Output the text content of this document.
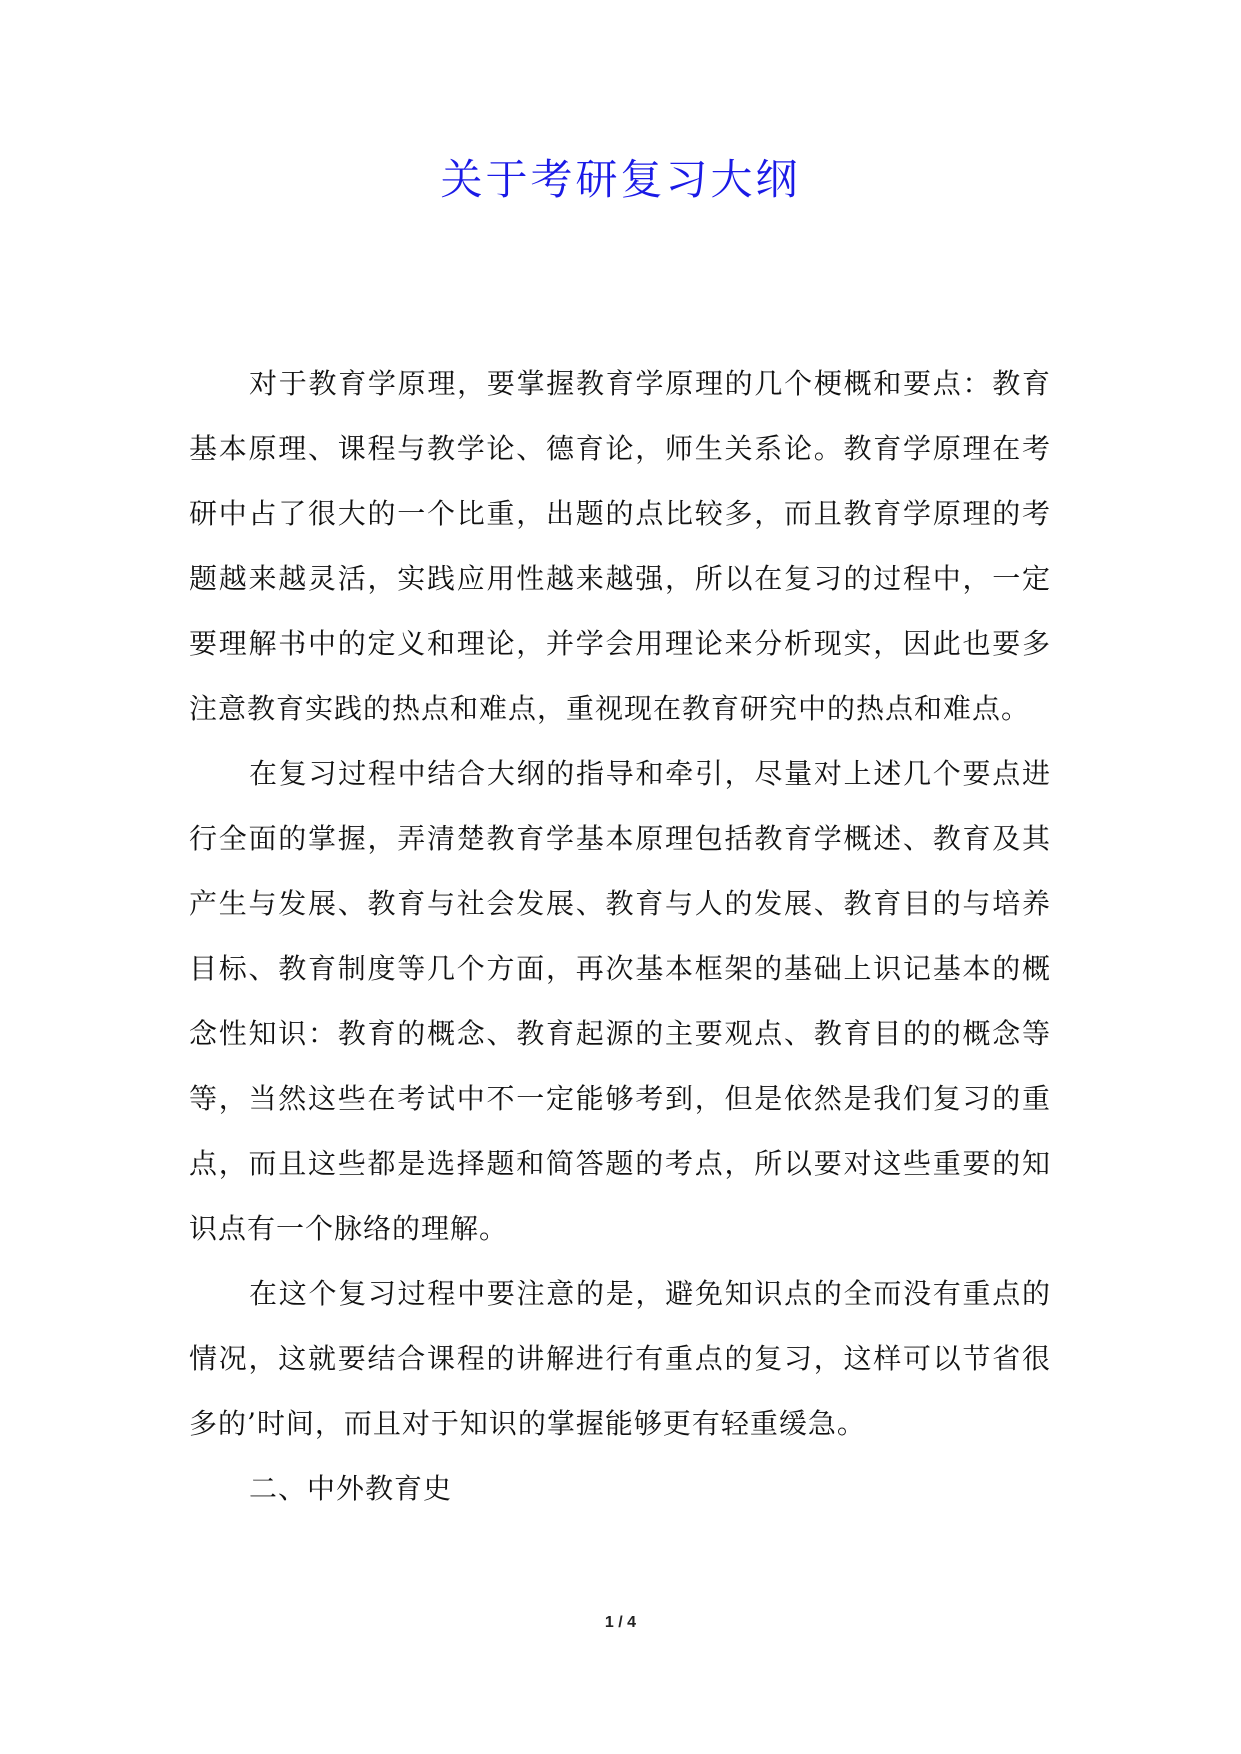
关于考研复习大纲

对于教育学原理，要掌握教育学原理的几个梗概和要点：教育基本原理、课程与教学论、德育论，师生关系论。教育学原理在考研中占了很大的一个比重，出题的点比较多，而且教育学原理的考题越来越灵活，实践应用性越来越强，所以在复习的过程中，一定要理解书中的定义和理论，并学会用理论来分析现实，因此也要多注意教育实践的热点和难点，重视现在教育研究中的热点和难点。

在复习过程中结合大纲的指导和牵引，尽量对上述几个要点进行全面的掌握，弄清楚教育学基本原理包括教育学概述、教育及其产生与发展、教育与社会发展、教育与人的发展、教育目的与培养目标、教育制度等几个方面，再次基本框架的基础上识记基本的概念性知识：教育的概念、教育起源的主要观点、教育目的的概念等等，当然这些在考试中不一定能够考到，但是依然是我们复习的重点，而且这些都是选择题和简答题的考点，所以要对这些重要的知识点有一个脉络的理解。

在这个复习过程中要注意的是，避免知识点的全而没有重点的情况，这就要结合课程的讲解进行有重点的复习，这样可以节省很多的’时间，而且对于知识的掌握能够更有轻重缓急。

二、中外教育史

1 / 4
